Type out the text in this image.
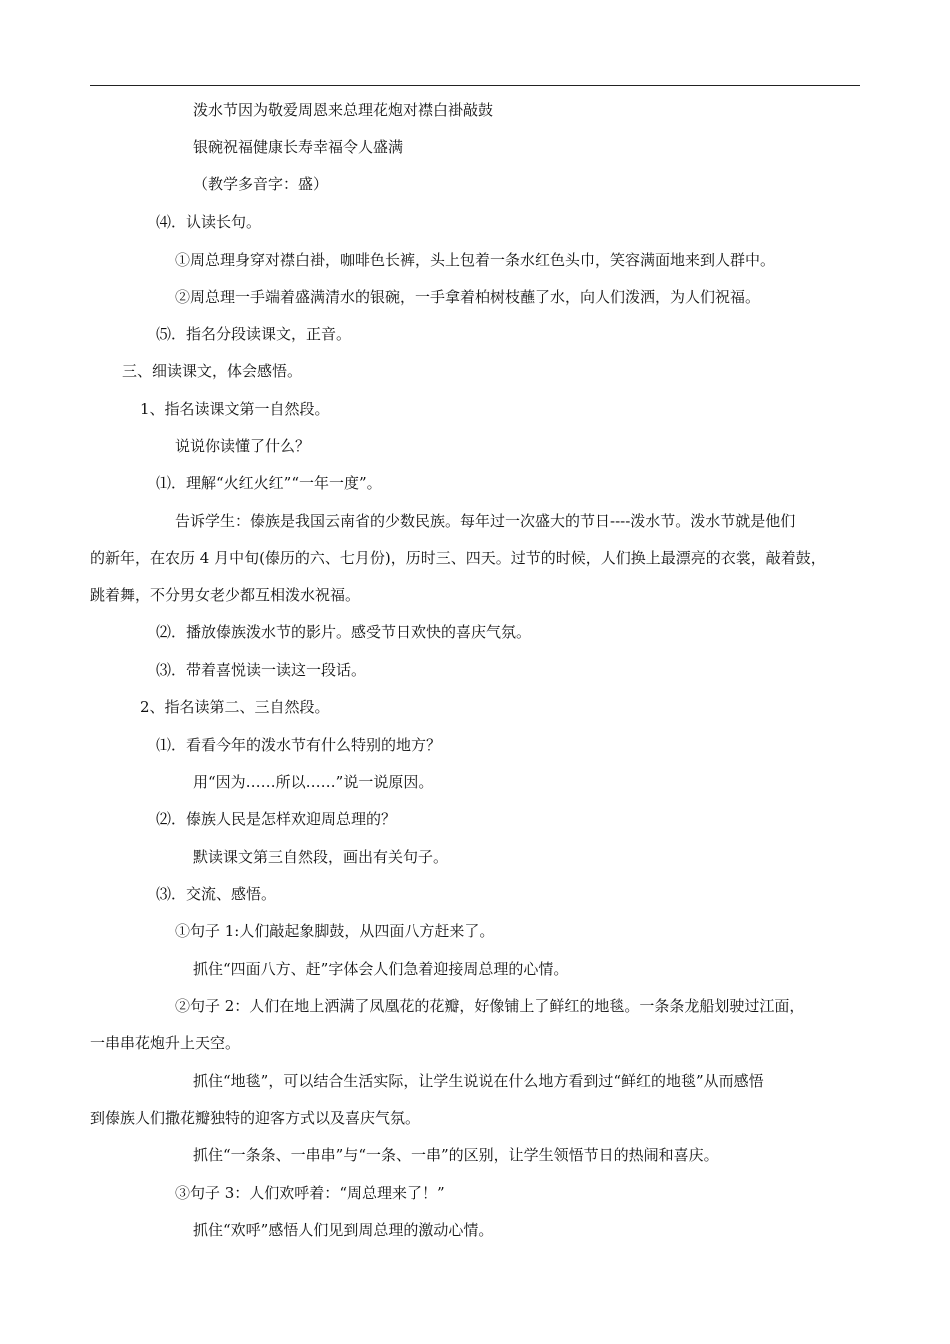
泼水节因为敬爱周恩来总理花炮对襟白褂敲鼓
银碗祝福健康长寿幸福令人盛满
（教学多音字：盛）
⑷．认读长句。
①周总理身穿对襟白褂，咖啡色长裤，头上包着一条水红色头巾，笑容满面地来到人群中。
②周总理一手端着盛满清水的银碗，一手拿着柏树枝蘸了水，向人们泼洒，为人们祝福。
⑸．指名分段读课文，正音。
三、细读课文，体会感悟。
1、指名读课文第一自然段。
说说你读懂了什么？
⑴．理解“火红火红”“一年一度”。
告诉学生：傣族是我国云南省的少数民族。每年过一次盛大的节日----泼水节。泼水节就是他们
的新年，在农历 4 月中旬(傣历的六、七月份)，历时三、四天。过节的时候，人们换上最漂亮的衣裳，敲着鼓，
跳着舞，不分男女老少都互相泼水祝福。
⑵．播放傣族泼水节的影片。感受节日欢快的喜庆气氛。
⑶．带着喜悦读一读这一段话。
2、指名读第二、三自然段。
⑴．看看今年的泼水节有什么特别的地方？
用“因为……所以……”说一说原因。
⑵．傣族人民是怎样欢迎周总理的？
默读课文第三自然段，画出有关句子。
⑶．交流、感悟。
①句子 1:人们敲起象脚鼓，从四面八方赶来了。
抓住“四面八方、赶”字体会人们急着迎接周总理的心情。
②句子 2：人们在地上洒满了凤凰花的花瓣，好像铺上了鲜红的地毯。一条条龙船划驶过江面，
一串串花炮升上天空。
抓住“地毯”，可以结合生活实际，让学生说说在什么地方看到过“鲜红的地毯”从而感悟
到傣族人们撒花瓣独特的迎客方式以及喜庆气氛。
抓住“一条条、一串串”与“一条、一串”的区别，让学生领悟节日的热闹和喜庆。
③句子 3：人们欢呼着：“周总理来了！”
抓住“欢呼”感悟人们见到周总理的激动心情。
